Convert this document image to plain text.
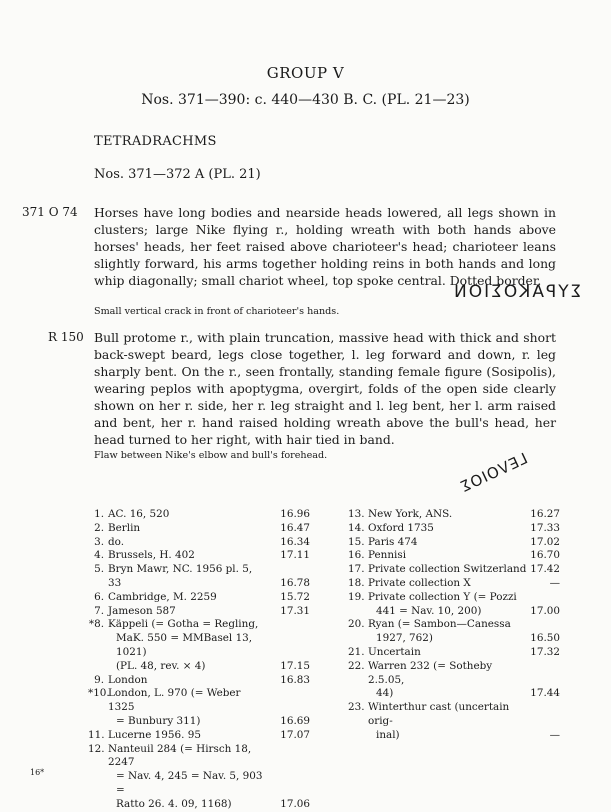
GROUP V
Nos. 371—390: c. 440—430 B. C. (PL. 21—23)
TETRADRACHMS
Nos. 371—372 A (PL. 21)
371 O 74 Horses have long bodies and nearside heads lowered, all legs shown in clusters; large Nike flying r., holding wreath with both hands above horses' heads, her feet raised above charioteer's head; charioteer leans slightly forward, his arms together holding reins in both hands and long whip diagonally; small chariot wheel, top spoke central. Dotted border.
ΣΥΡΑΚΟΣΙΟΝ
Small vertical crack in front of charioteer's hands.
R 150 Bull protome r., with plain truncation, massive head with thick and short back-swept beard, legs close together, l. leg forward and down, r. leg sharply bent. On the r., seen frontally, standing female figure (Sosipolis), wearing peplos with apoptygma, overgirt, folds of the open side clearly shown on her r. side, her r. leg straight and l. leg bent, her l. arm raised and bent, her r. hand raised holding wreath above the bull's head, her head turned to her right, with hair tied in band.
Flaw between Nike's elbow and bull's forehead.	ΓΕΛΟΙΟΣ
1. AC. 16, 520	16.96
2. Berlin	16.47
3. do.	16.34
4. Brussels, H. 402	17.11
5. Bryn Mawr, NC. 1956 pl. 5, 33	16.78
6. Cambridge, M. 2259	15.72
7. Jameson 587	17.31
*8. Käppeli (= Gotha = Regling,
MaK. 550 = MMBasel 13, 1021)
(PL. 48, rev. × 4)	17.15
9. London	16.83
*10.
London, L. 970 (= Weber 1325
= Bunbury 311)	16.69
11. Lucerne 1956. 95	17.07
12. Nanteuil 284 (= Hirsch 18, 2247
= Nav. 4, 245 = Nav. 5, 903 =
Ratto 26. 4. 09, 1168)	17.06
13. New York, ANS.	16.27
14. Oxford 1735	17.33
15. Paris 474	17.02
16. Pennisi	16.70
17. Private collection Switzerland 17.42
18. Private collection X	—
19. Private collection Y (= Pozzi
441 = Nav. 10, 200)	17.00
20. Ryan (= Sambon—Canessa
1927, 762)	16.50
21. Uncertain	17.32
22. Warren 232 (= Sotheby 2.5.05,
44)	17.44
23. Winterthur cast (uncertain orig-
inal)	—
16*
